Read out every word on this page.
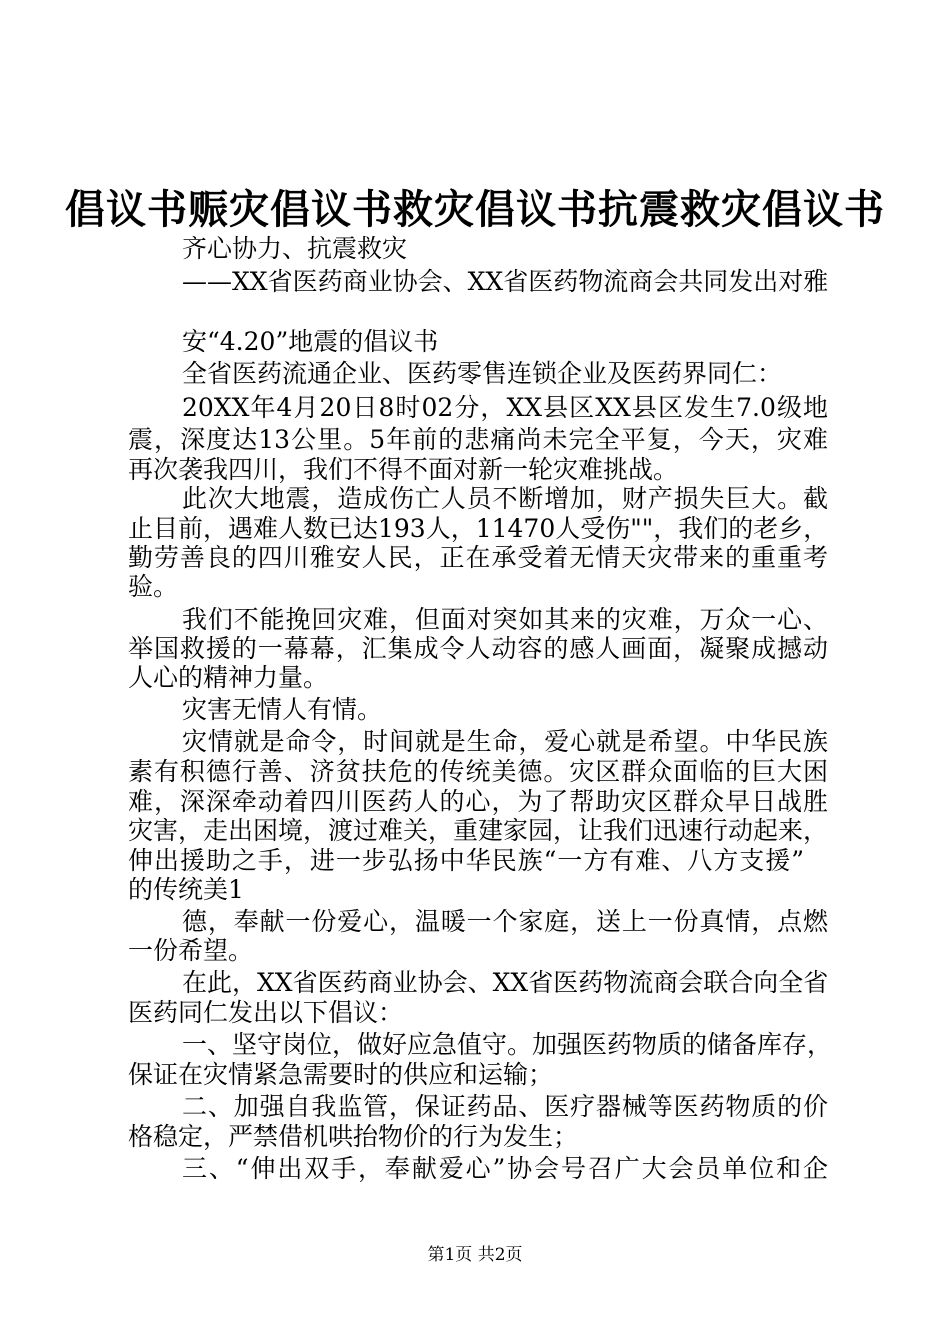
倡议书赈灾倡议书救灾倡议书抗震救灾倡议书

齐心协力、抗震救灾

——XX省医药商业协会、XX省医药物流商会共同发出对雅

安“4.20”地震的倡议书

全省医药流通企业、医药零售连锁企业及医药界同仁：

20XX年4月20日8时02分，XX县区XX县区发生7.0级地

震，深度达13公里。5年前的悲痛尚未完全平复，今天，灾难

再次袭我四川，我们不得不面对新一轮灾难挑战。

此次大地震，造成伤亡人员不断增加，财产损失巨大。截

止目前，遇难人数已达193人，11470人受伤""，我们的老乡，

勤劳善良的四川雅安人民，正在承受着无情天灾带来的重重考

验。

我们不能挽回灾难，但面对突如其来的灾难，万众一心、

举国救援的一幕幕，汇集成令人动容的感人画面，凝聚成撼动

人心的精神力量。

灾害无情人有情。

灾情就是命令，时间就是生命，爱心就是希望。中华民族

素有积德行善、济贫扶危的传统美德。灾区群众面临的巨大困

难，深深牵动着四川医药人的心，为了帮助灾区群众早日战胜

灾害，走出困境，渡过难关，重建家园，让我们迅速行动起来，

伸出援助之手，进一步弘扬中华民族“一方有难、八方支援”

的传统美1

德，奉献一份爱心，温暖一个家庭，送上一份真情，点燃

一份希望。

在此，XX省医药商业协会、XX省医药物流商会联合向全省

医药同仁发出以下倡议：

一、坚守岗位，做好应急值守。加强医药物质的储备库存，

保证在灾情紧急需要时的供应和运输；

二、加强自我监管，保证药品、医疗器械等医药物质的价

格稳定，严禁借机哄抬物价的行为发生；

三、“伸出双手，奉献爱心”协会号召广大会员单位和企

第1页 共2页
